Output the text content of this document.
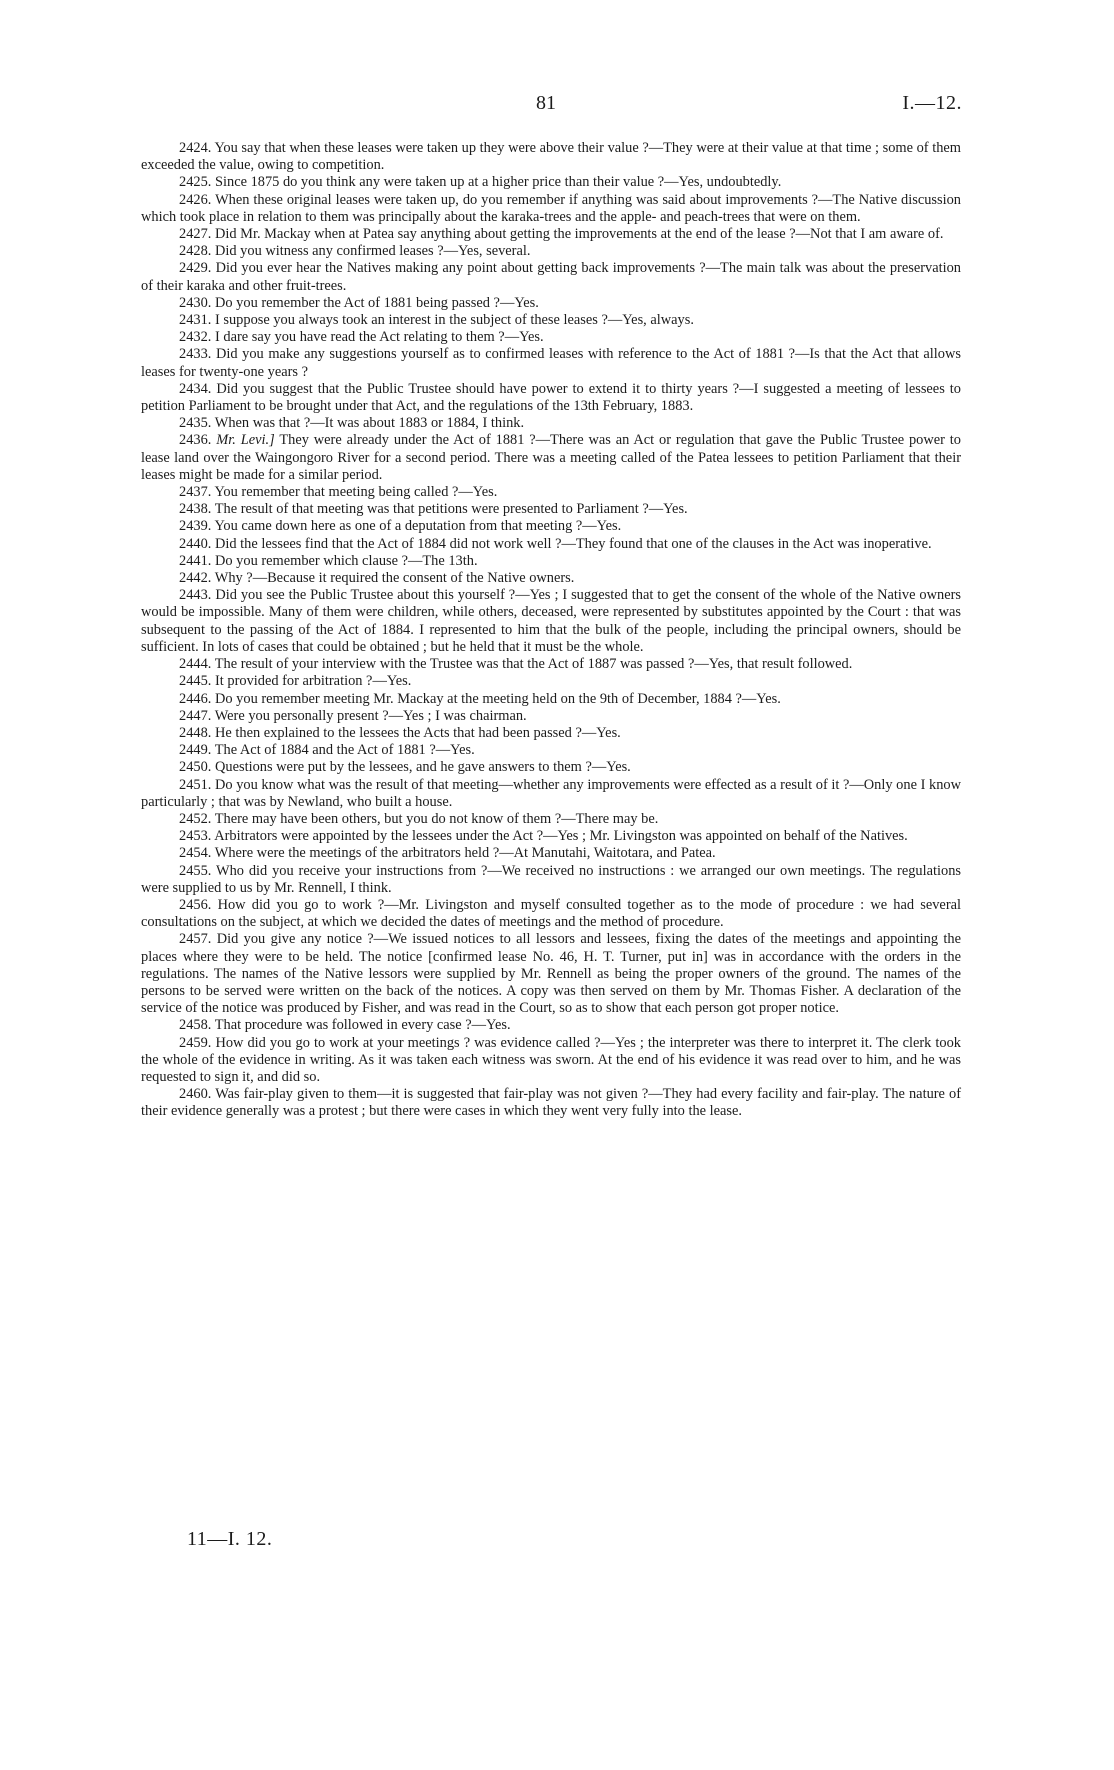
81	I.—12.

2424. You say that when these leases were taken up they were above their value ?—They were at their value at that time ; some of them exceeded the value, owing to competition.

2425. Since 1875 do you think any were taken up at a higher price than their value ?—Yes, undoubtedly.

2426. When these original leases were taken up, do you remember if anything was said about improvements ?—The Native discussion which took place in relation to them was principally about the karaka-trees and the apple- and peach-trees that were on them.

2427. Did Mr. Mackay when at Patea say anything about getting the improvements at the end of the lease ?—Not that I am aware of.

2428. Did you witness any confirmed leases ?—Yes, several.

2429. Did you ever hear the Natives making any point about getting back improvements ?—The main talk was about the preservation of their karaka and other fruit-trees.

2430. Do you remember the Act of 1881 being passed ?—Yes.

2431. I suppose you always took an interest in the subject of these leases ?—Yes, always.

2432. I dare say you have read the Act relating to them ?—Yes.

2433. Did you make any suggestions yourself as to confirmed leases with reference to the Act of 1881 ?—Is that the Act that allows leases for twenty-one years ?

2434. Did you suggest that the Public Trustee should have power to extend it to thirty years ?—I suggested a meeting of lessees to petition Parliament to be brought under that Act, and the regulations of the 13th February, 1883.

2435. When was that ?—It was about 1883 or 1884, I think.

2436. Mr. Levi.] They were already under the Act of 1881 ?—There was an Act or regulation that gave the Public Trustee power to lease land over the Waingongoro River for a second period. There was a meeting called of the Patea lessees to petition Parliament that their leases might be made for a similar period.

2437. You remember that meeting being called ?—Yes.

2438. The result of that meeting was that petitions were presented to Parliament ?—Yes.

2439. You came down here as one of a deputation from that meeting ?—Yes.

2440. Did the lessees find that the Act of 1884 did not work well ?—They found that one of the clauses in the Act was inoperative.

2441. Do you remember which clause ?—The 13th.

2442. Why ?—Because it required the consent of the Native owners.

2443. Did you see the Public Trustee about this yourself ?—Yes ; I suggested that to get the consent of the whole of the Native owners would be impossible. Many of them were children, while others, deceased, were represented by substitutes appointed by the Court : that was subsequent to the passing of the Act of 1884. I represented to him that the bulk of the people, including the principal owners, should be sufficient. In lots of cases that could be obtained ; but he held that it must be the whole.

2444. The result of your interview with the Trustee was that the Act of 1887 was passed ?—Yes, that result followed.

2445. It provided for arbitration ?—Yes.

2446. Do you remember meeting Mr. Mackay at the meeting held on the 9th of December, 1884 ?—Yes.

2447. Were you personally present ?—Yes ; I was chairman.

2448. He then explained to the lessees the Acts that had been passed ?—Yes.

2449. The Act of 1884 and the Act of 1881 ?—Yes.

2450. Questions were put by the lessees, and he gave answers to them ?—Yes.

2451. Do you know what was the result of that meeting—whether any improvements were effected as a result of it ?—Only one I know particularly ; that was by Newland, who built a house.

2452. There may have been others, but you do not know of them ?—There may be.

2453. Arbitrators were appointed by the lessees under the Act ?—Yes ; Mr. Livingston was appointed on behalf of the Natives.

2454. Where were the meetings of the arbitrators held ?—At Manutahi, Waitotara, and Patea.

2455. Who did you receive your instructions from ?—We received no instructions : we arranged our own meetings. The regulations were supplied to us by Mr. Rennell, I think.

2456. How did you go to work ?—Mr. Livingston and myself consulted together as to the mode of procedure : we had several consultations on the subject, at which we decided the dates of meetings and the method of procedure.

2457. Did you give any notice ?—We issued notices to all lessors and lessees, fixing the dates of the meetings and appointing the places where they were to be held. The notice [confirmed lease No. 46, H. T. Turner, put in] was in accordance with the orders in the regulations. The names of the Native lessors were supplied by Mr. Rennell as being the proper owners of the ground. The names of the persons to be served were written on the back of the notices. A copy was then served on them by Mr. Thomas Fisher. A declaration of the service of the notice was produced by Fisher, and was read in the Court, so as to show that each person got proper notice.

2458. That procedure was followed in every case ?—Yes.

2459. How did you go to work at your meetings ? was evidence called ?—Yes ; the interpreter was there to interpret it. The clerk took the whole of the evidence in writing. As it was taken each witness was sworn. At the end of his evidence it was read over to him, and he was requested to sign it, and did so.

2460. Was fair-play given to them—it is suggested that fair-play was not given ?—They had every facility and fair-play. The nature of their evidence generally was a protest ; but there were cases in which they went very fully into the lease.

11—I. 12.
